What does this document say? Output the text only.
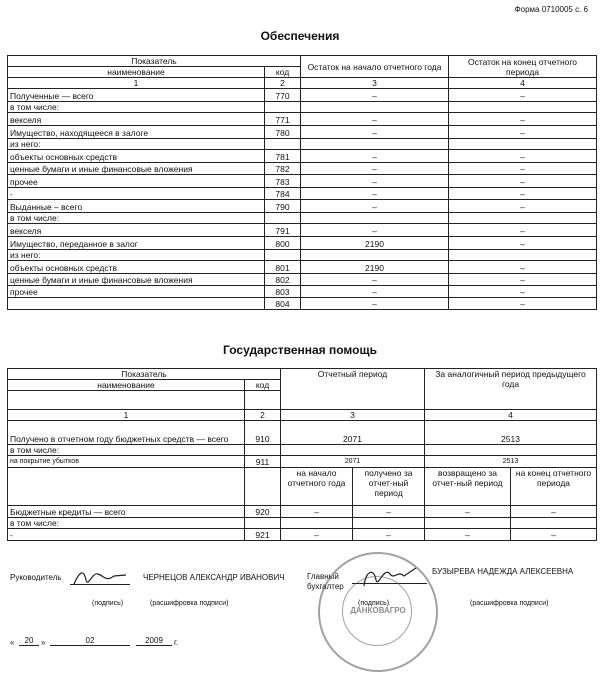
Форма 0710005 с. 6
Обеспечения
Показатель		Остаток на начало отчетного года	Остаток на конец отчетного периода
наименование	код		
1	2	3	4
Полученные — всего	770	–	–
в том числе:			
векселя	771	–	–
Имущество, находящееся в залоге	780	–	–
из него:			
объекты основных средств	781	–	–
ценные бумаги и иные финансовые вложения	782	–	–
прочее	783	–	–
-	784	–	–
Выданные – всего	790	–	–
в том числе:			
векселя	791	–	–
Имущество, переданное в залог	800	2190	–
из него:			
объекты основных средств	801	2190	–
ценные бумаги и иные финансовые вложения	802	–	–
прочее	803	–	–
	804	–	–
Государственная помощь
Показатель		Отчетный период		За аналогичный период предыдущего года	
наименование	код				

1	2	3		4	
Получено в отчетном году бюджетных средств — всего	910	2071		2513	
в том числе:					
на покрытие убытков	911	2071		2513	
		на начало отчетного года	получено за отчет-ный период	возвращено за отчет-ный период	на конец отчетного периода
Бюджетные кредиты — всего	920	–	–	–	–
в том числе:					
-	921	–	–	–	–
Руководитель	ЧЕРНЕЦОВ АЛЕКСАНДР ИВАНОВИЧ
(подпись)	(расшифровка подписи)
Главный бухгалтер
БУЗЫРЕВА НАДЕЖДА АЛЕКСЕЕВНА
(подпись)	(расшифровка подписи)
«	20 »	02	2009	г.
ДАНКОВАГРО
